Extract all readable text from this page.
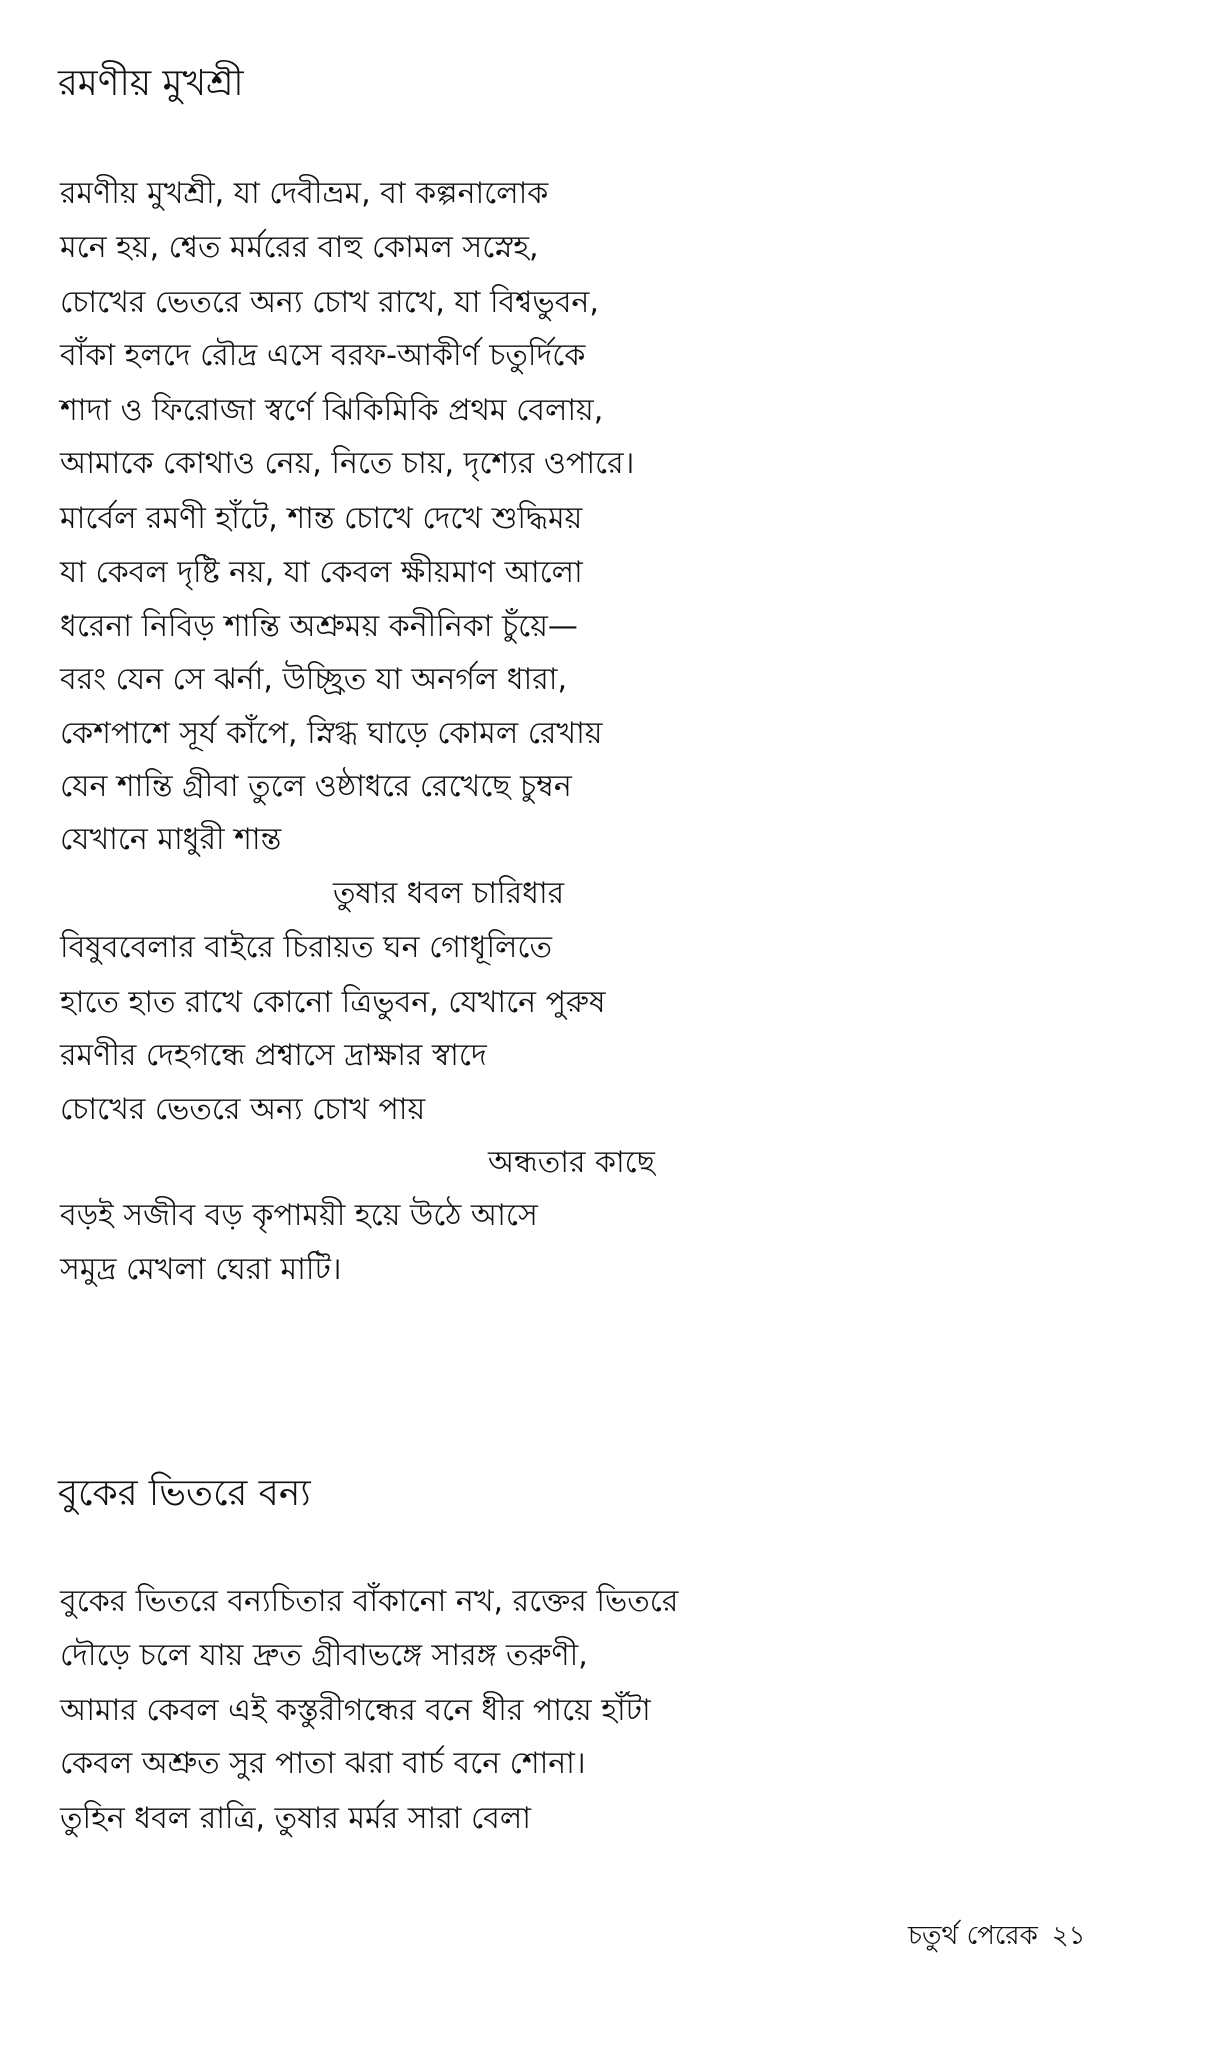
রমণীয় মুখশ্রী
রমণীয় মুখশ্রী, যা দেবীভ্রম, বা কল্পনালোক
মনে হয়, শ্বেত মর্মরের বাহু কোমল সস্নেহ,
চোখের ভেতরে অন্য চোখ রাখে, যা বিশ্বভুবন,
বাঁকা হলদে রৌদ্র এসে বরফ-আকীর্ণ চতুর্দিকে
শাদা ও ফিরোজা স্বর্ণে ঝিকিমিকি প্রথম বেলায়,
আমাকে কোথাও নেয়, নিতে চায়, দৃশ্যের ওপারে।
মার্বেল রমণী হাঁটে, শান্ত চোখে দেখে শুদ্ধিময়
যা কেবল দৃষ্টি নয়, যা কেবল ক্ষীয়মাণ আলো
ধরেনা নিবিড় শান্তি অশ্রুময় কনীনিকা চুঁয়ে—
বরং যেন সে ঝর্না, উচ্ছ্রিত যা অনর্গল ধারা,
কেশপাশে সূর্য কাঁপে, স্নিগ্ধ ঘাড়ে কোমল রেখায়
যেন শান্তি গ্রীবা তুলে ওষ্ঠাধরে রেখেছে চুম্বন
যেখানে মাধুরী শান্ত
তুষার ধবল চারিধার
বিষুববেলার বাইরে চিরায়ত ঘন গোধূলিতে
হাতে হাত রাখে কোনো ত্রিভুবন, যেখানে পুরুষ
রমণীর দেহগন্ধে প্রশ্বাসে দ্রাক্ষার স্বাদে
চোখের ভেতরে অন্য চোখ পায়
অন্ধতার কাছে
বড়ই সজীব বড় কৃপাময়ী হয়ে উঠে আসে
সমুদ্র মেখলা ঘেরা মাটি।
বুকের ভিতরে বন্য
বুকের ভিতরে বন্যচিতার বাঁকানো নখ, রক্তের ভিতরে
দৌড়ে চলে যায় দ্রুত গ্রীবাভঙ্গে সারঙ্গ তরুণী,
আমার কেবল এই কস্তুরীগন্ধের বনে ধীর পায়ে হাঁটা
কেবল অশ্রুত সুর পাতা ঝরা বার্চ বনে শোনা।
তুহিন ধবল রাত্রি, তুষার মর্মর সারা বেলা
চতুর্থ পেরেক ২১
